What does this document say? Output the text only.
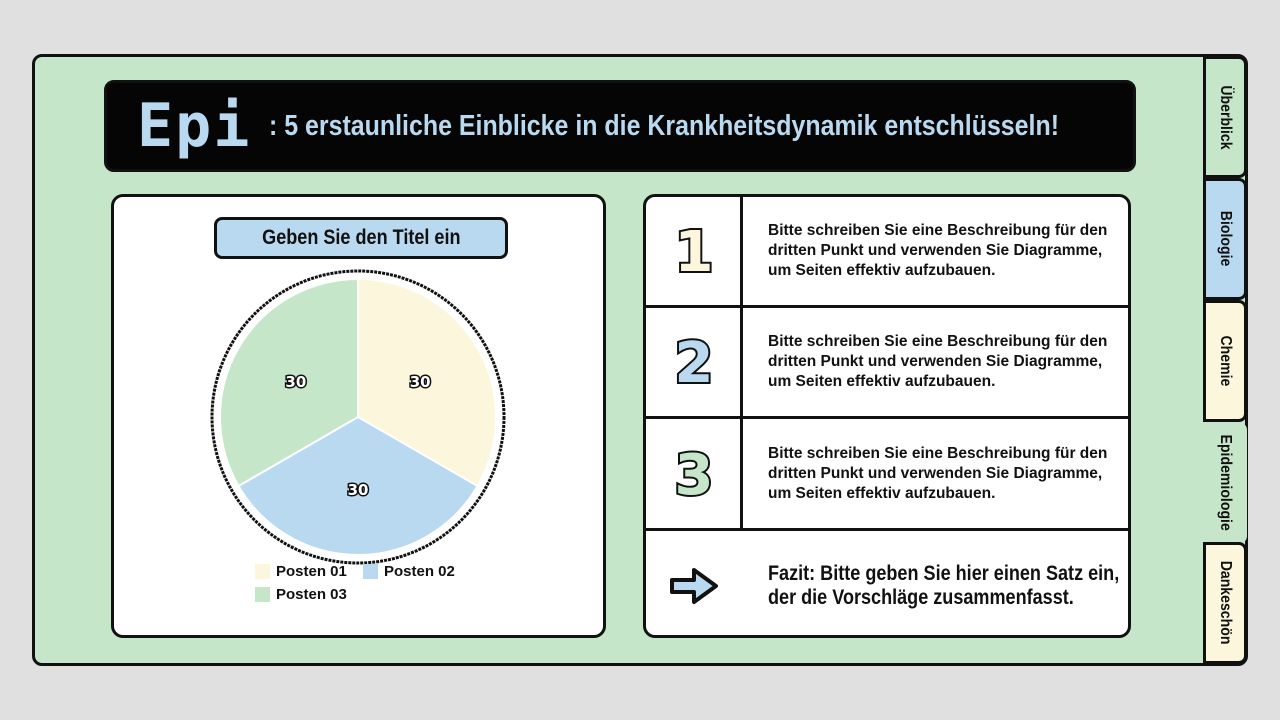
Epi : 5 erstaunliche Einblicke in die Krankheitsdynamik entschlüsseln!
Geben Sie den Titel ein
30
30
30
Posten 01 Posten 02
Posten 03
1	Bitte schreiben Sie eine Beschreibung für den dritten Punkt und verwenden Sie Diagramme, um Seiten effektiv aufzubauen.
2	Bitte schreiben Sie eine Beschreibung für den dritten Punkt und verwenden Sie Diagramme, um Seiten effektiv aufzubauen.
3	Bitte schreiben Sie eine Beschreibung für den dritten Punkt und verwenden Sie Diagramme, um Seiten effektiv aufzubauen.
Fazit: Bitte geben Sie hier einen Satz ein,
der die Vorschläge zusammenfasst.
Überblick
Biologie
Chemie
Epidemiologie
Dankeschön
